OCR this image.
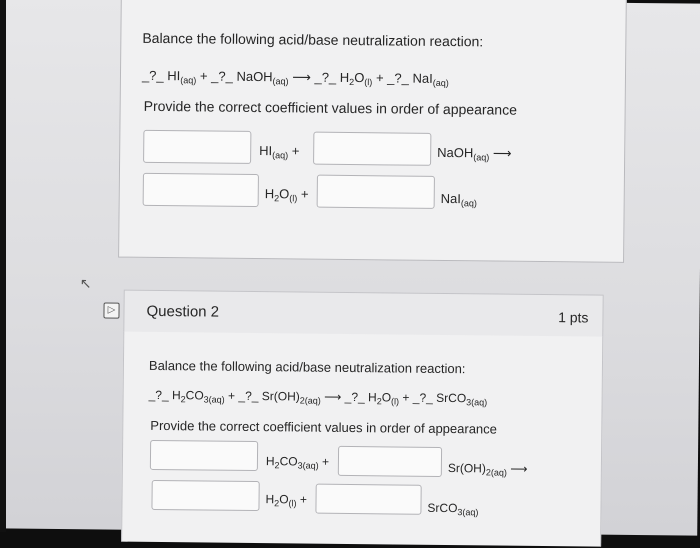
Balance the following acid/base neutralization reaction:
_?_ $HI_{(aq)}$ + _?_ NaOH$_{(aq)}$ ⟶ _?_ $H_2O_{(l)}$ + _?_ NaI$_{(aq)}$
Provide the correct coefficient values in order of appearance
$HI_{(aq)}$ +	NaOH$_{(aq)}$ ⟶
$H_2O_{(l)}$ +	NaI$_{(aq)}$
↖
▷ Question 2	1 pts
Balance the following acid/base neutralization reaction:
_?_ $H_2CO_{3(aq)}$ + _?_ $Sr(OH)_{2(aq)}$ ⟶ _?_ $H_2O_{(l)}$ + _?_ SrCO$_{3(aq)}$
Provide the correct coefficient values in order of appearance
$H_2CO_{3(aq)}$ +	$Sr(OH)_{2(aq)}$ ⟶
$H_2O_{(l)}$ +
SrCO$_{3(aq)}$
